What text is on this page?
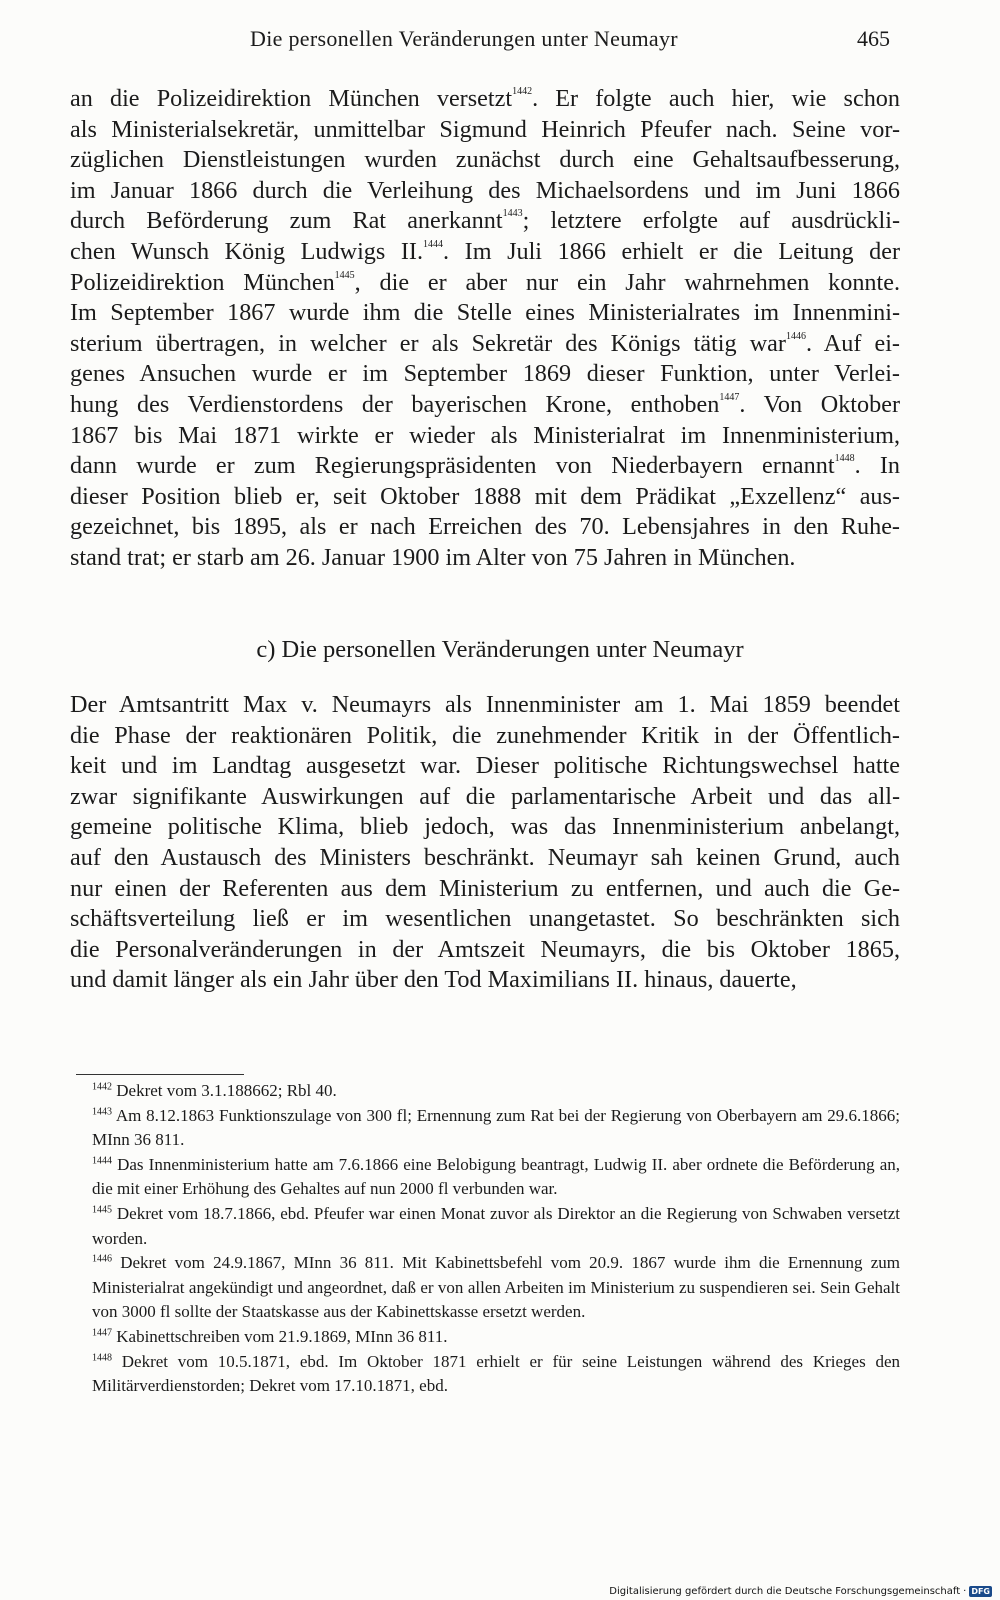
Die personellen Veränderungen unter Neumayr	465
an die Polizeidirektion München versetzt$^{1442}$. Er folgte auch hier, wie schon
als Ministerialsekretär, unmittelbar Sigmund Heinrich Pfeufer nach. Seine vor-
züglichen Dienstleistungen wurden zunächst durch eine Gehaltsaufbesserung,
im Januar 1866 durch die Verleihung des Michaelsordens und im Juni 1866
durch Beförderung zum Rat anerkannt$^{1443}$; letztere erfolgte auf ausdrückli-
chen Wunsch König Ludwigs II.$^{1444}$. Im Juli 1866 erhielt er die Leitung der
Polizeidirektion München$^{1445}$, die er aber nur ein Jahr wahrnehmen konnte.
Im September 1867 wurde ihm die Stelle eines Ministerialrates im Innenmini-
sterium übertragen, in welcher er als Sekretär des Königs tätig war$^{1446}$. Auf ei-
genes Ansuchen wurde er im September 1869 dieser Funktion, unter Verlei-
hung des Verdienstordens der bayerischen Krone, enthoben$^{1447}$. Von Oktober
1867 bis Mai 1871 wirkte er wieder als Ministerialrat im Innenministerium,
dann wurde er zum Regierungspräsidenten von Niederbayern ernannt$^{1448}$. In
dieser Position blieb er, seit Oktober 1888 mit dem Prädikat „Exzellenz“ aus-
gezeichnet, bis 1895, als er nach Erreichen des 70. Lebensjahres in den Ruhe-
stand trat; er starb am 26. Januar 1900 im Alter von 75 Jahren in München.
c) Die personellen Veränderungen unter Neumayr
Der Amtsantritt Max v. Neumayrs als Innenminister am 1. Mai 1859 beendet
die Phase der reaktionären Politik, die zunehmender Kritik in der Öffentlich-
keit und im Landtag ausgesetzt war. Dieser politische Richtungswechsel hatte
zwar signifikante Auswirkungen auf die parlamentarische Arbeit und das all-
gemeine politische Klima, blieb jedoch, was das Innenministerium anbelangt,
auf den Austausch des Ministers beschränkt. Neumayr sah keinen Grund, auch
nur einen der Referenten aus dem Ministerium zu entfernen, und auch die Ge-
schäftsverteilung ließ er im wesentlichen unangetastet. So beschränkten sich
die Personalveränderungen in der Amtszeit Neumayrs, die bis Oktober 1865,
und damit länger als ein Jahr über den Tod Maximilians II. hinaus, dauerte,

$^{1442}$ Dekret vom 3.1.188662; Rbl 40.

$^{1443}$ Am 8.12.1863 Funktionszulage von 300 fl; Ernennung zum Rat bei der Regierung von Oberbayern am 29.6.1866; MInn 36 811.

$^{1444}$ Das Innenministerium hatte am 7.6.1866 eine Belobigung beantragt, Ludwig II. aber ordnete die Beförderung an, die mit einer Erhöhung des Gehaltes auf nun 2000 fl verbunden war.

$^{1445}$ Dekret vom 18.7.1866, ebd. Pfeufer war einen Monat zuvor als Direktor an die Regierung von Schwaben versetzt worden.

$^{1446}$ Dekret vom 24.9.1867, MInn 36 811. Mit Kabinettsbefehl vom 20.9. 1867 wurde ihm die Ernennung zum Ministerialrat angekündigt und angeordnet, daß er von allen Arbeiten im Ministerium zu suspendieren sei. Sein Gehalt von 3000 fl sollte der Staatskasse aus der Kabinettskasse ersetzt werden.

$^{1447}$ Kabinettschreiben vom 21.9.1869, MInn 36 811.

$^{1448}$ Dekret vom 10.5.1871, ebd. Im Oktober 1871 erhielt er für seine Leistungen während des Krieges den Militärverdienstorden; Dekret vom 17.10.1871, ebd.

Digitalisierung gefördert durch die Deutsche Forschungsgemeinschaft · DFG
